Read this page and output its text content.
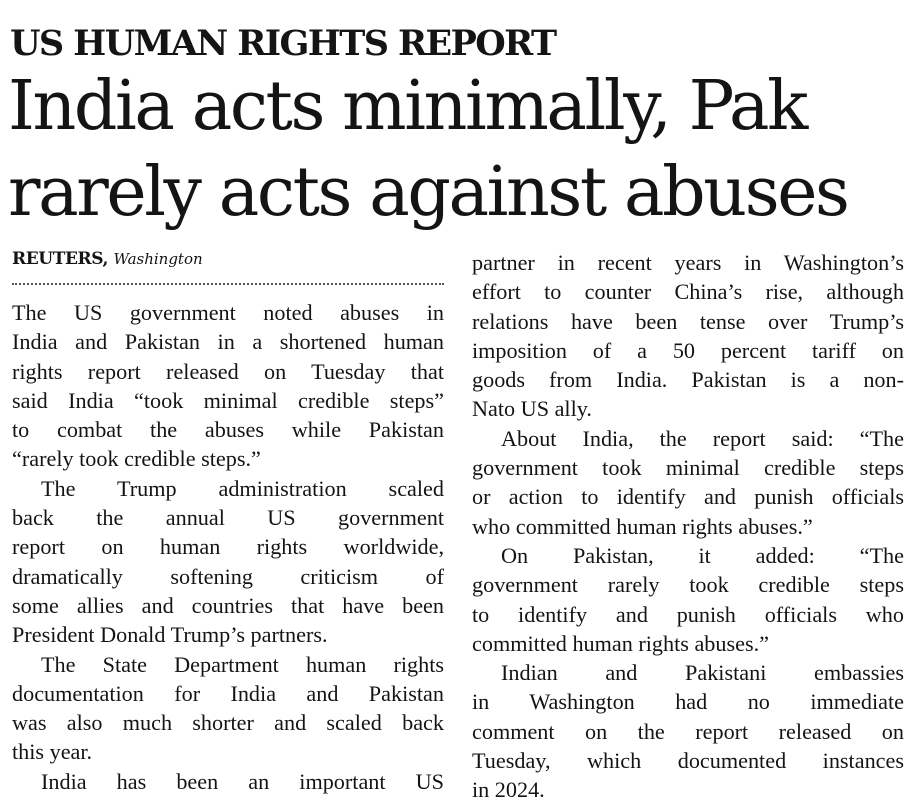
US HUMAN RIGHTS REPORT
India acts minimally, Pak
rarely acts against abuses
REUTERS, Washington

The US government noted abuses in
India and Pakistan in a shortened human
rights report released on Tuesday that
said India “took minimal credible steps”
to combat the abuses while Pakistan
“rarely took credible steps.”

The Trump administration scaled
back the annual US government
report on human rights worldwide,
dramatically softening criticism of
some allies and countries that have been
President Donald Trump’s partners.

The State Department human rights
documentation for India and Pakistan
was also much shorter and scaled back
this year.

India has been an important US

partner in recent years in Washington’s
effort to counter China’s rise, although
relations have been tense over Trump’s
imposition of a 50 percent tariff on
goods from India. Pakistan is a non-
Nato US ally.

About India, the report said: “The
government took minimal credible steps
or action to identify and punish officials
who committed human rights abuses.”

On Pakistan, it added: “The
government rarely took credible steps
to identify and punish officials who
committed human rights abuses.”

Indian and Pakistani embassies
in Washington had no immediate
comment on the report released on
Tuesday, which documented instances
in 2024.
